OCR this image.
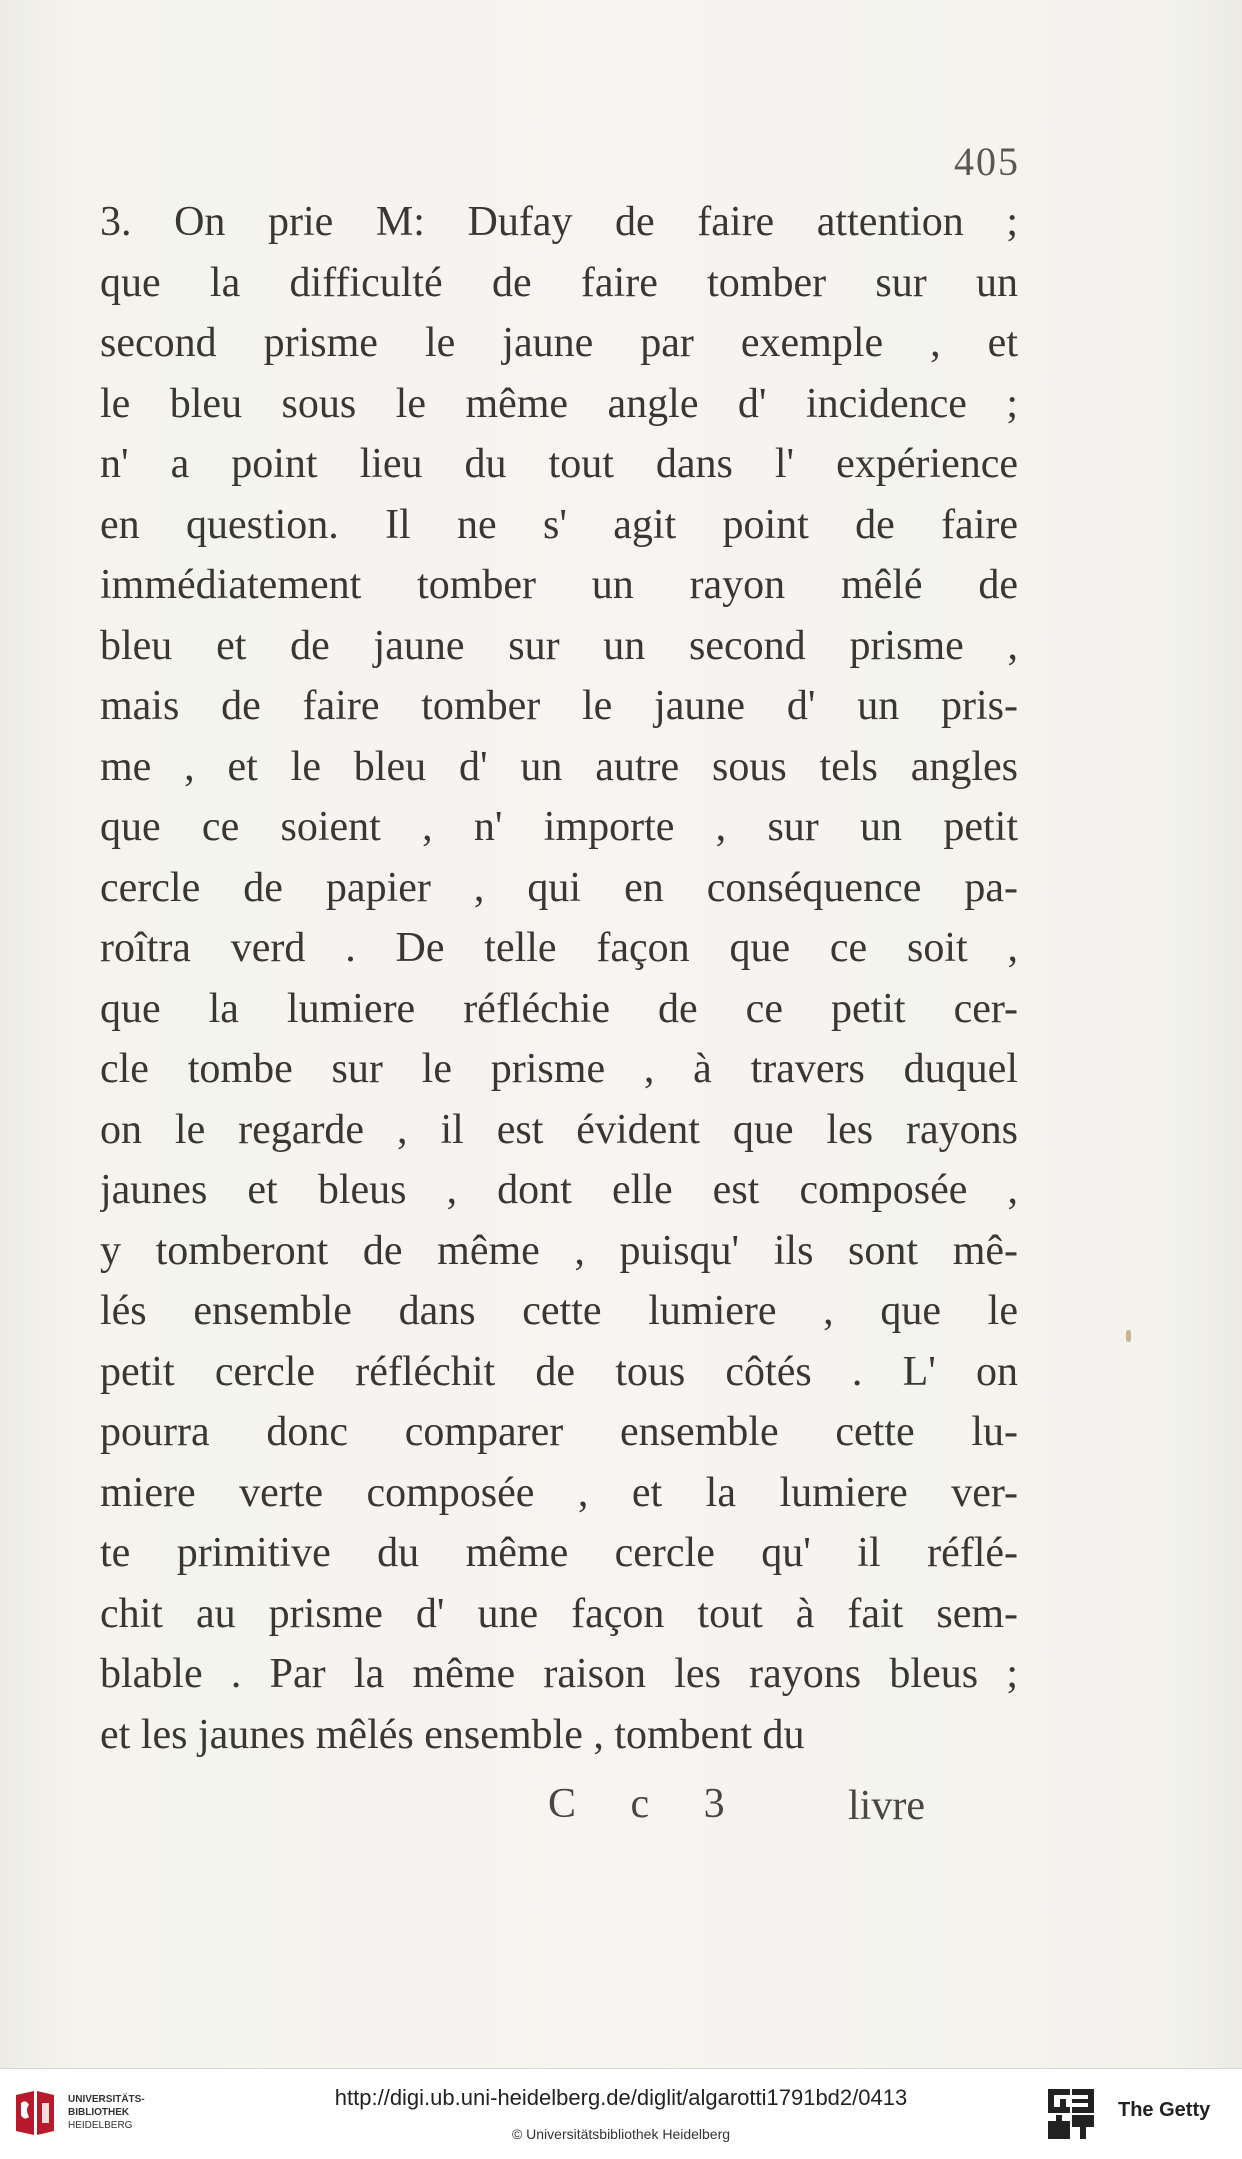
405
3. On prie M: Dufay de faire attention ;
que la difficulté de faire tomber sur un
second prisme le jaune par exemple , et
le bleu sous le même angle d' incidence ;
n' a point lieu du tout dans l' expérience
en question. Il ne s' agit point de faire
immédiatement tomber un rayon mêlé de
bleu et de jaune sur un second prisme ,
mais de faire tomber le jaune d' un pris-
me , et le bleu d' un autre sous tels angles
que ce soient , n' importe , sur un petit
cercle de papier , qui en conséquence pa-
roîtra verd . De telle façon que ce soit ,
que la lumiere réfléchie de ce petit cer-
cle tombe sur le prisme , à travers duquel
on le regarde , il est évident que les rayons
jaunes et bleus , dont elle est composée ,
y tomberont de même , puisqu' ils sont mê-
lés ensemble dans cette lumiere , que le
petit cercle réfléchit de tous côtés . L' on
pourra donc comparer ensemble cette lu-
miere verte composée , et la lumiere ver-
te primitive du même cercle qu' il réflé-
chit au prisme d' une façon tout à fait sem-
blable . Par la même raison les rayons bleus ;
et les jaunes mêlés ensemble , tombent du
C c 3 livre
UNIVERSITÄTS-
BIBLIOTHEK
HEIDELBERG
http://digi.ub.uni-heidelberg.de/diglit/algarotti1791bd2/0413
© Universitätsbibliothek Heidelberg
The Getty
